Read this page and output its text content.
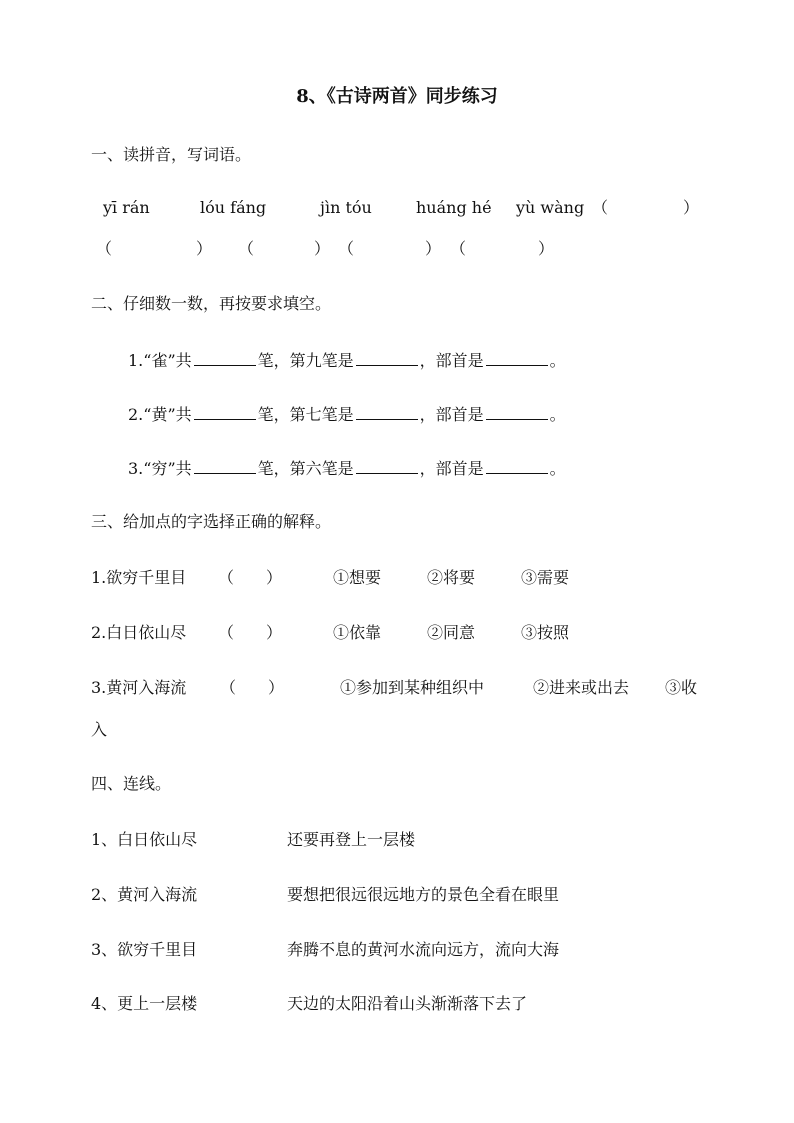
8、《古诗两首》同步练习
一、读拼音，写词语。
yī rán	lóu fáng	jìn tóu	huáng hé yù wàng （	）
（	） （	） （	） （	）
二、仔细数一数，再按要求填空。
1.“雀”共	笔，第九笔是	，部首是	。
2.“黄”共	笔，第七笔是	，部首是	。
3.“穷”共	笔，第六笔是	，部首是	。
三、给加点的字选择正确的解释。
1.欲穷千里目 （　　）	①想要	②将要	③需要
2.白日依山尽 （　　）	①依靠	②同意	③按照
3.黄河入海流 （　　）	①参加到某种组织中	②进来或出去 ③收
入
四、连线。
1、白日依山尽	还要再登上一层楼
2、黄河入海流	要想把很远很远地方的景色全看在眼里
3、欲穷千里目	奔腾不息的黄河水流向远方，流向大海
4、更上一层楼	天边的太阳沿着山头渐渐落下去了
